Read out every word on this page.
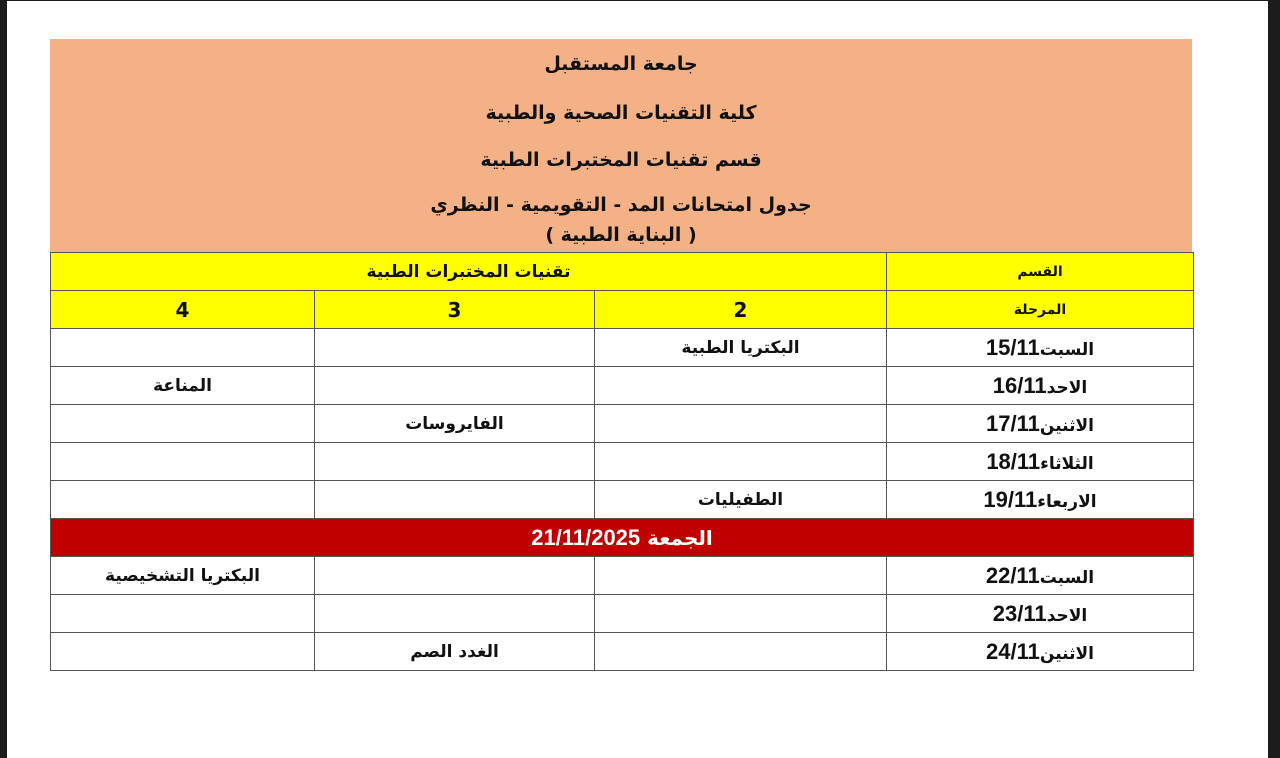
جامعة المستقبل
كلية التقنيات الصحية والطبية
قسم تقنيات المختبرات الطبية
جدول امتحانات المد - التقويمية - النظري
( البناية الطبية )
القسم	تقنيات المختبرات الطبية		
المرحلة	2	3	4
السبت15/11	البكتريا الطبية		
الاحد16/11			المناعة
الاثنين17/11		الفايروسات	
الثلاثاء18/11			
الاربعاء19/11	الطفيليات		
الجمعة 21/11/2025			
السبت22/11			البكتريا التشخيصية
الاحد23/11			
الاثنين24/11		الغدد الصم	
